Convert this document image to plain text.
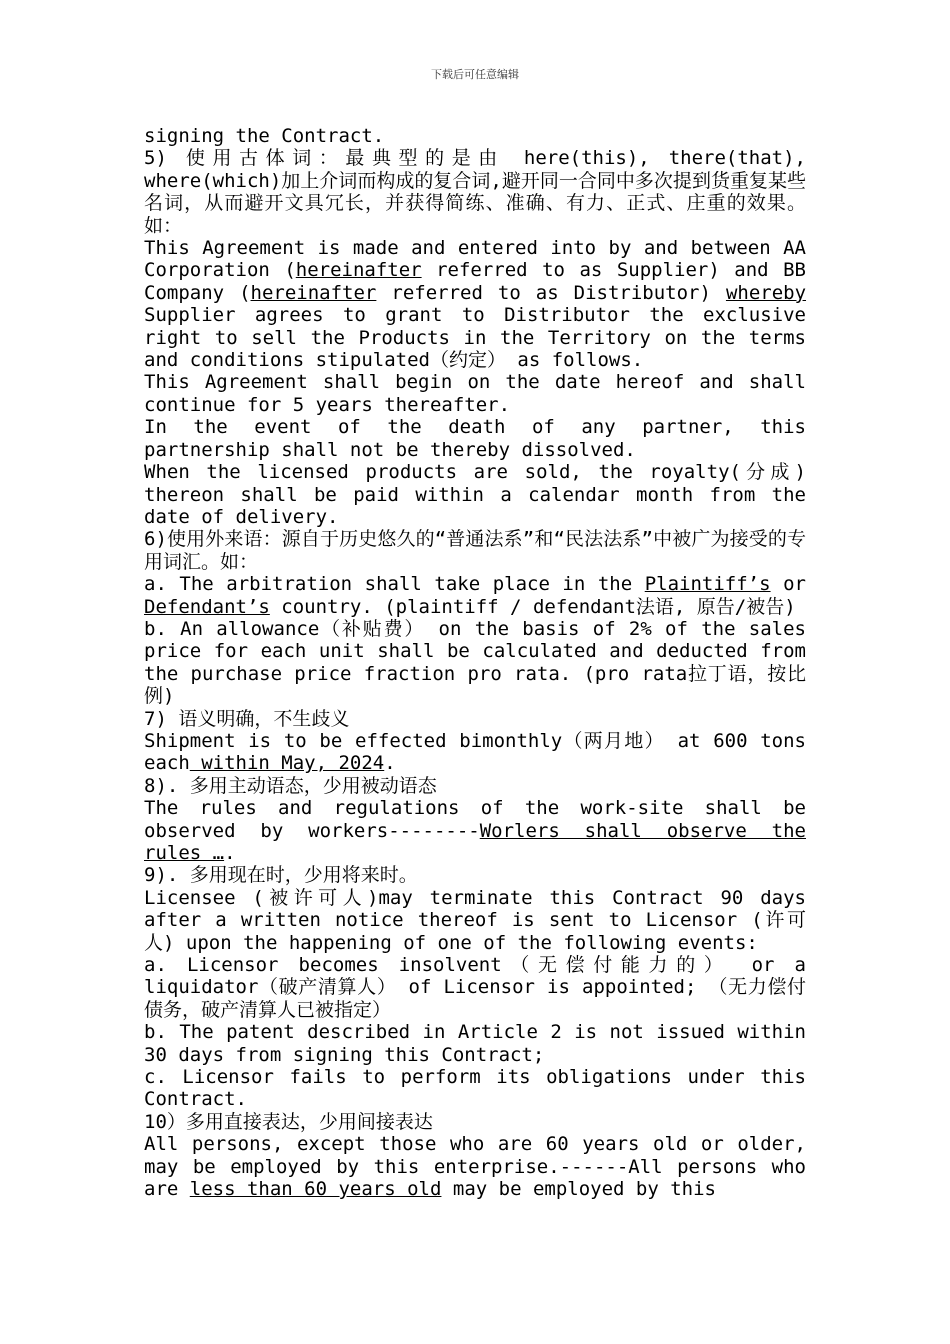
下载后可任意编辑

signing the Contract.

5) 使用古体词：最典型的是由 here(this), there(that), where(which)加上介词而构成的复合词,避开同一合同中多次提到货重复某些名词，从而避开文具冗长，并获得简练、准确、有力、正式、庄重的效果。如：

This Agreement is made and entered into by and between AA Corporation (hereinafter referred to as Supplier) and BB Company (hereinafter referred to as Distributor) whereby Supplier agrees to grant to Distributor the exclusive right to sell the Products in the Territory on the terms and conditions stipulated（约定） as follows.

This Agreement shall begin on the date hereof and shall continue for 5 years thereafter.

In the event of the death of any partner, this partnership shall not be thereby dissolved.

When the licensed products are sold, the royalty(分成) thereon shall be paid within a calendar month from the date of delivery.

6)使用外来语：源自于历史悠久的“普通法系”和“民法法系”中被广为接受的专用词汇。如：

a. The arbitration shall take place in the Plaintiff’s or Defendant’s country. (plaintiff / defendant法语, 原告/被告)

b. An allowance（补贴费） on the basis of 2% of the sales price for each unit shall be calculated and deducted from the purchase price fraction pro rata. (pro rata拉丁语，按比例)

7) 语义明确，不生歧义

Shipment is to be effected bimonthly（两月地） at 600 tons each within May, 2024.

8). 多用主动语态，少用被动语态

The rules and regulations of the work-site shall be observed by workers--------Worlers shall observe the rules ….

9). 多用现在时，少用将来时。

Licensee (被许可人)may terminate this Contract 90 days after a written notice thereof is sent to Licensor (许可人) upon the happening of one of the following events:

a. Licensor becomes insolvent（无偿付能力的） or a liquidator（破产清算人） of Licensor is appointed; （无力偿付债务，破产清算人已被指定）

b. The patent described in Article 2 is not issued within 30 days from signing this Contract;

c. Licensor fails to perform its obligations under this Contract.

10）多用直接表达，少用间接表达

All persons, except those who are 60 years old or older, may be employed by this enterprise.------All persons who are less than 60 years old may be employed by this
